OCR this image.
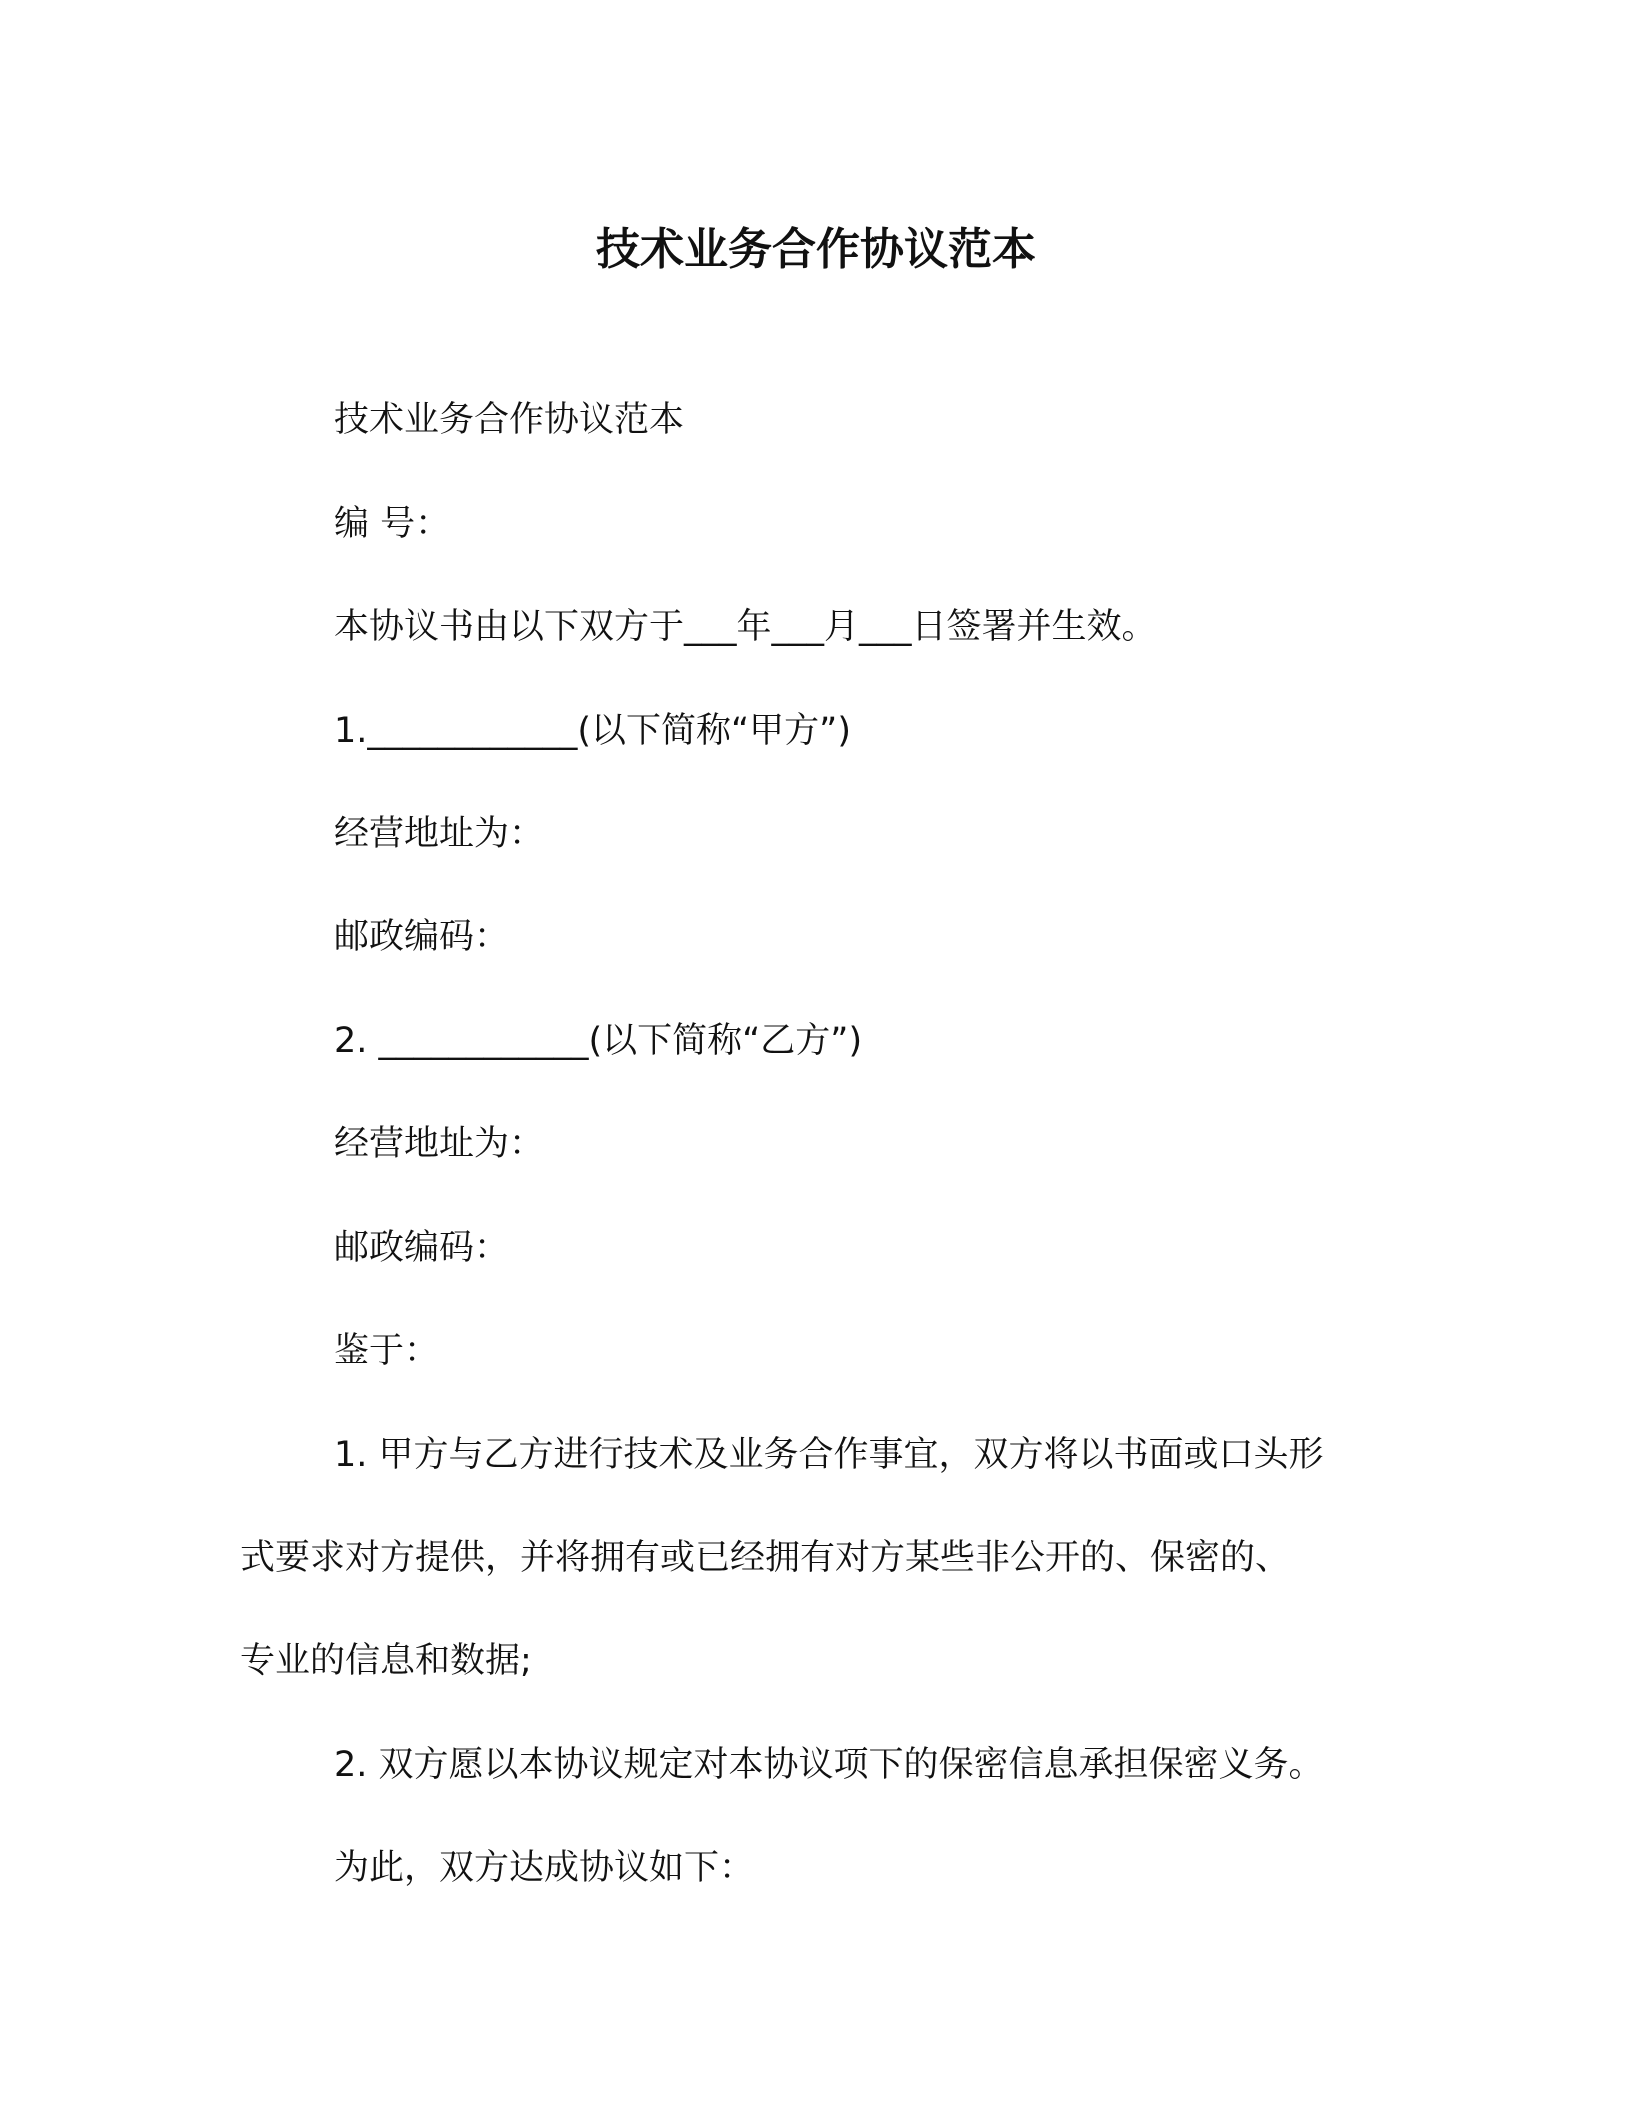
技术业务合作协议范本

技术业务合作协议范本

编 号：

本协议书由以下双方于___年___月___日签署并生效。

1.____________(以下简称“甲方”)

经营地址为：

邮政编码：

2. ____________(以下简称“乙方”)

经营地址为：

邮政编码：

鉴于：

1. 甲方与乙方进行技术及业务合作事宜，双方将以书面或口头形
式要求对方提供，并将拥有或已经拥有对方某些非公开的、保密的、
专业的信息和数据;

2. 双方愿以本协议规定对本协议项下的保密信息承担保密义务。

为此，双方达成协议如下：
